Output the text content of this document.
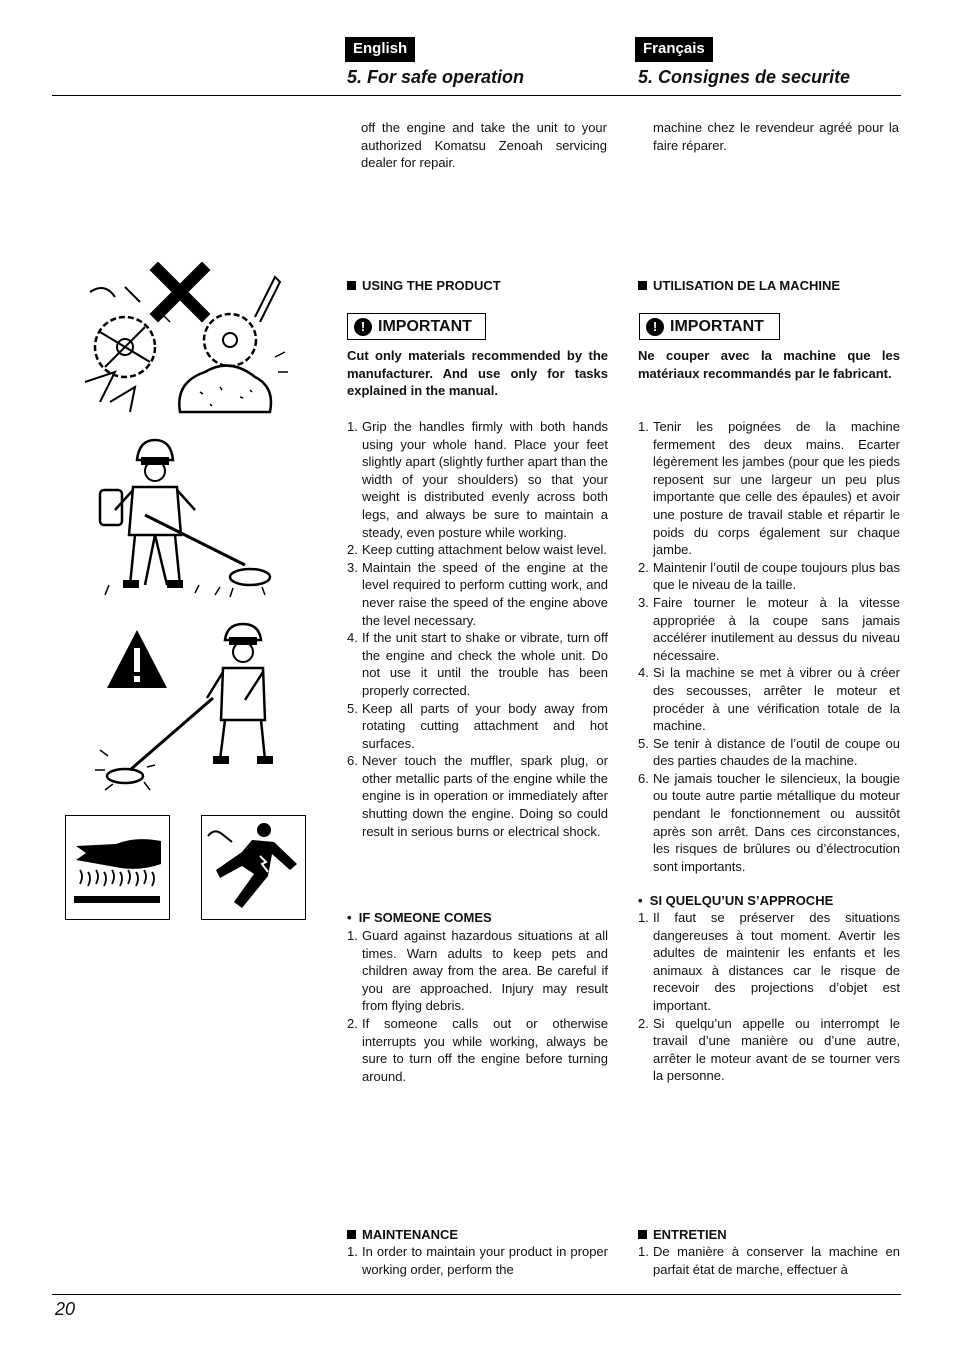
English	Français
5. For safe operation	5. Consignes de securite
off the engine and take the unit to your authorized Komatsu Zenoah servicing dealer for repair.
machine chez le revendeur agréé pour la faire réparer.
USING THE PRODUCT
! IMPORTANT
Cut only materials recommended by the manufacturer. And use only for tasks explained in the manual.
1. Grip the handles firmly with both hands using your whole hand. Place your feet slightly apart (slightly further apart than the width of your shoulders) so that your weight is distributed evenly across both legs, and always be sure to maintain a steady, even posture while working.
2. Keep cutting attachment below waist level.
3. Maintain the speed of the engine at the level required to perform cutting work, and never raise the speed of the engine above the level necessary.
4. If the unit start to shake or vibrate, turn off the engine and check the whole unit. Do not use it until the trouble has been properly corrected.
5. Keep all parts of your body away from rotating cutting attachment and hot surfaces.
6. Never touch the muffler, spark plug, or other metallic parts of the engine while the engine is in operation or immediately after shutting down the engine. Doing so could result in serious burns or electrical shock.
UTILISATION DE LA MACHINE
! IMPORTANT
Ne couper avec la machine que les matériaux recommandés par le fabricant.
1. Tenir les poignées de la machine fermement des deux mains. Ecarter légèrement les jambes (pour que les pieds reposent sur une largeur un peu plus importante que celle des épaules) et avoir une posture de travail stable et répartir le poids du corps également sur chaque jambe.
2. Maintenir l’outil de coupe toujours plus bas que le niveau de la taille.
3. Faire tourner le moteur à la vitesse appropriée à la coupe sans jamais accélérer inutilement au dessus du niveau nécessaire.
4. Si la machine se met à vibrer ou à créer des secousses, arrêter le moteur et procéder à une vérification totale de la machine.
5. Se tenir à distance de l’outil de coupe ou des parties chaudes de la machine.
6. Ne jamais toucher le silencieux, la bougie ou toute autre partie métallique du moteur pendant le fonctionnement ou aussitôt après son arrêt. Dans ces circonstances, les risques de brûlures ou d’électrocution sont importants.
•  IF SOMEONE COMES
1. Guard against hazardous situations at all times. Warn adults to keep pets and children away from the area. Be careful if you are approached. Injury may result from flying debris.
2. If someone calls out or otherwise interrupts you while working, always be sure to turn off the engine before turning around.
•  SI QUELQU’UN S’APPROCHE
1. Il faut se préserver des situations dangereuses à tout moment. Avertir les adultes de maintenir les enfants et les animaux à distances car le risque de recevoir des projections d’objet est important.
2. Si quelqu’un appelle ou interrompt le travail d’une manière ou d’une autre, arrêter le moteur avant de se tourner vers la personne.
MAINTENANCE
1. In order to maintain your product in proper working order, perform the
ENTRETIEN
1. De manière à conserver la machine en parfait état de marche, effectuer à
20
